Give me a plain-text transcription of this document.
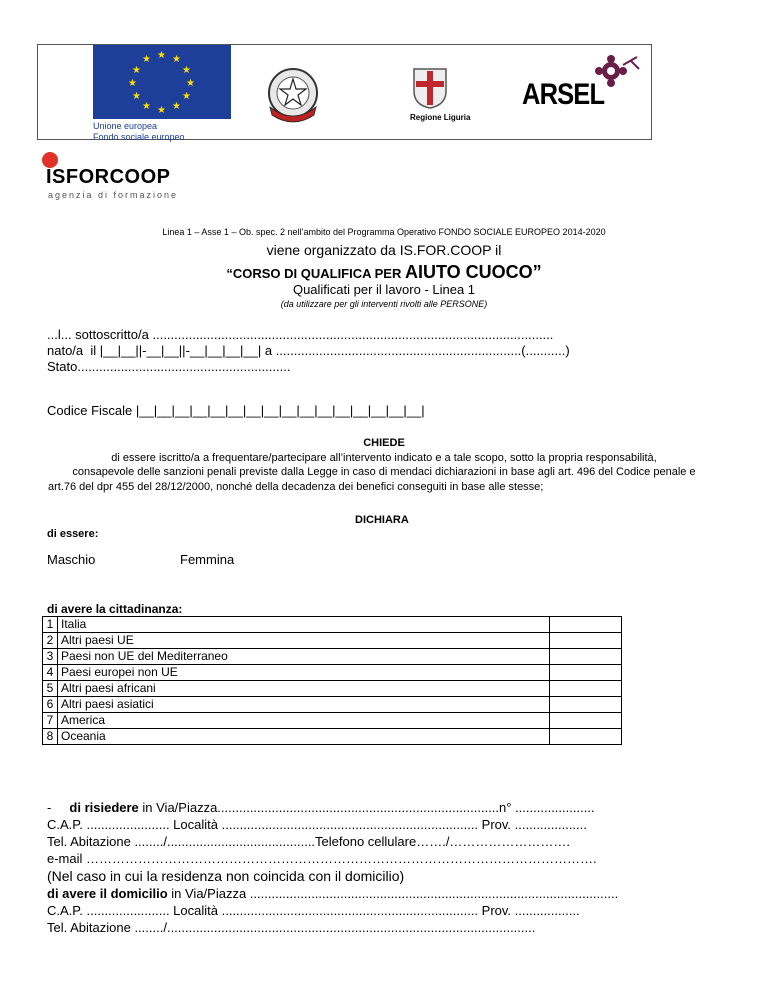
★ ★
★
★
★
★
★
★
★
★
★
★
Unione europea
Fondo sociale europeo
Regione Liguria
ARSEL
ISFORCOOP
agenzia di formazione
Linea 1 – Asse 1 – Ob. spec. 2 nell’ambito del Programma Operativo FONDO SOCIALE EUROPEO 2014-2020
viene organizzato da IS.FOR.COOP il
“CORSO DI QUALIFICA PER AIUTO CUOCO”
Qualificati per il lavoro - Linea 1
(da utilizzare per gli interventi rivolti alle PERSONE)
...l... sottoscritto/a ...............................................................................................................
nato/a  il |__|__||-__|__||-__|__|__|__| a ....................................................................(...........)
Stato...........................................................
Codice Fiscale |__|__|__|__|__|__|__|__|__|__|__|__|__|__|__|__|
CHIEDE
di essere iscritto/a a frequentare/partecipare all’intervento indicato e a tale scopo, sotto la propria responsabilità,
consapevole delle sanzioni penali previste dalla Legge in caso di mendaci dichiarazioni in base agli art. 496 del Codice penale e
art.76 del dpr 455 del 28/12/2000, nonché della decadenza dei benefici conseguiti in base alle stesse;
DICHIARA
di essere:
Maschio	Femmina
di avere la cittadinanza:
1	Italia	
2	Altri paesi UE	
3	Paesi non UE del Mediterraneo	
4	Paesi europei non UE	
5	Altri paesi africani	
6	Altri paesi asiatici	
7	America	
8	Oceania	
- di risiedere in Via/Piazza..............................................................................n° ......................
C.A.P. ....................... Località ....................................................................... Prov. ....................
Tel. Abitazione ......../.........................................Telefono cellulare……./……………………….
e-mail ……………………………………………………………………………………………………….
(Nel caso in cui la residenza non coincida con il domicilio)
di avere il domicilio in Via/Piazza ......................................................................................................
C.A.P. ....................... Località ....................................................................... Prov. ..................
Tel. Abitazione ......../......................................................................................................
